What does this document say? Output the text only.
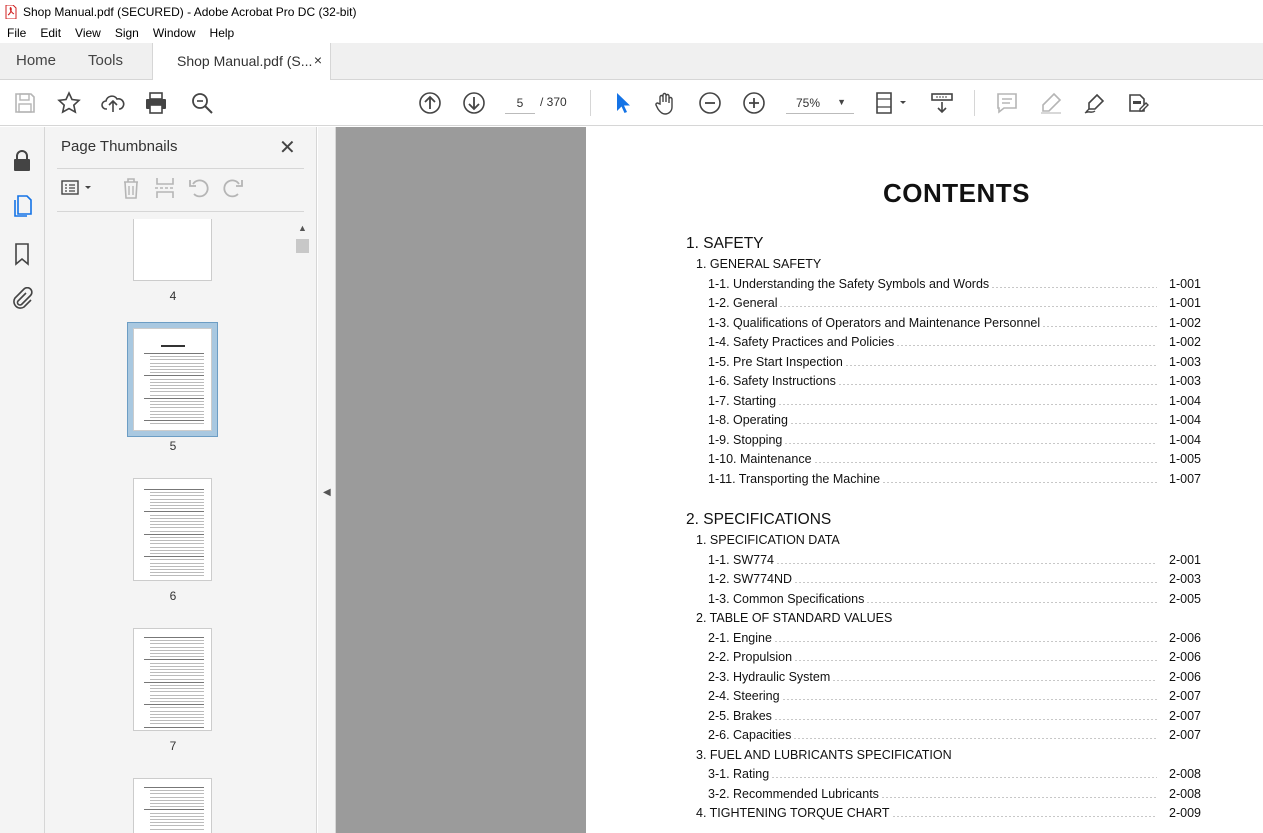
Shop Manual.pdf (SECURED) - Adobe Acrobat Pro DC (32-bit)
File	Edit	View	Sign	Window	Help
Home Tools	Shop Manual.pdf (S... ×
5	/ 370	75% ▼
Page Thumbnails	✕
4
5
6
7
▲
◀
CONTENTS
1. SAFETY
1. GENERAL SAFETY
1-1. Understanding the Safety Symbols and Words	1-001
1-2. General	1-001
1-3. Qualifications of Operators and Maintenance Personnel	1-002
1-4. Safety Practices and Policies	1-002
1-5. Pre Start Inspection	1-003
1-6. Safety Instructions	1-003
1-7. Starting	1-004
1-8. Operating	1-004
1-9. Stopping	1-004
1-10. Maintenance	1-005
1-11. Transporting the Machine	1-007
2. SPECIFICATIONS
1. SPECIFICATION DATA
1-1. SW774	2-001
1-2. SW774ND	2-003
1-3. Common Specifications	2-005
2. TABLE OF STANDARD VALUES
2-1. Engine	2-006
2-2. Propulsion	2-006
2-3. Hydraulic System	2-006
2-4. Steering	2-007
2-5. Brakes	2-007
2-6. Capacities	2-007
3. FUEL AND LUBRICANTS SPECIFICATION
3-1. Rating	2-008
3-2. Recommended Lubricants	2-008
4. TIGHTENING TORQUE CHART	2-009
